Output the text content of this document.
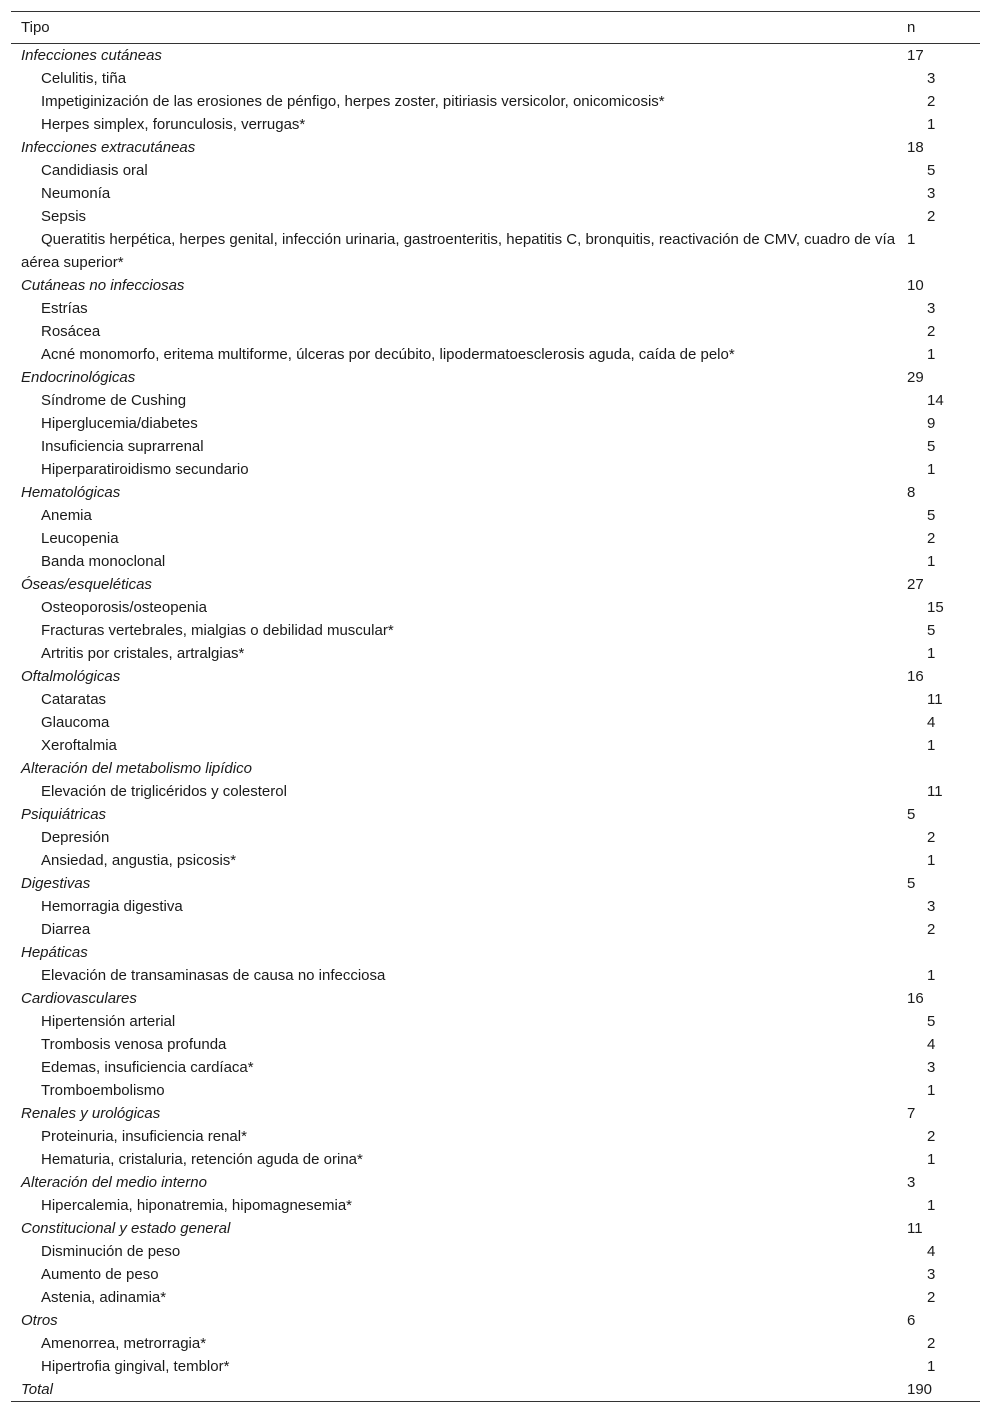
Tipo	n
Infecciones cutáneas	17
Celulitis, tiña	3
Impetiginización de las erosiones de pénfigo, herpes zoster, pitiriasis versicolor, onicomicosis*	2
Herpes simplex, forunculosis, verrugas*	1
Infecciones extracutáneas	18
Candidiasis oral	5
Neumonía	3
Sepsis	2
Queratitis herpética, herpes genital, infección urinaria, gastroenteritis, hepatitis C, bronquitis, reactivación de CMV, cuadro de vía aérea superior*	1
Cutáneas no infecciosas	10
Estrías	3
Rosácea	2
Acné monomorfo, eritema multiforme, úlceras por decúbito, lipodermatoesclerosis aguda, caída de pelo*	1
Endocrinológicas	29
Síndrome de Cushing	14
Hiperglucemia/diabetes	9
Insuficiencia suprarrenal	5
Hiperparatiroidismo secundario	1
Hematológicas	8
Anemia	5
Leucopenia	2
Banda monoclonal	1
Óseas/esqueléticas	27
Osteoporosis/osteopenia	15
Fracturas vertebrales, mialgias o debilidad muscular*	5
Artritis por cristales, artralgias*	1
Oftalmológicas	16
Cataratas	11
Glaucoma	4
Xeroftalmia	1
Alteración del metabolismo lipídico	
Elevación de triglicéridos y colesterol	11
Psiquiátricas	5
Depresión	2
Ansiedad, angustia, psicosis*	1
Digestivas	5
Hemorragia digestiva	3
Diarrea	2
Hepáticas	
Elevación de transaminasas de causa no infecciosa	1
Cardiovasculares	16
Hipertensión arterial	5
Trombosis venosa profunda	4
Edemas, insuficiencia cardíaca*	3
Tromboembolismo	1
Renales y urológicas	7
Proteinuria, insuficiencia renal*	2
Hematuria, cristaluria, retención aguda de orina*	1
Alteración del medio interno	3
Hipercalemia, hiponatremia, hipomagnesemia*	1
Constitucional y estado general	11
Disminución de peso	4
Aumento de peso	3
Astenia, adinamia*	2
Otros	6
Amenorrea, metrorragia*	2
Hipertrofia gingival, temblor*	1
Total	190
